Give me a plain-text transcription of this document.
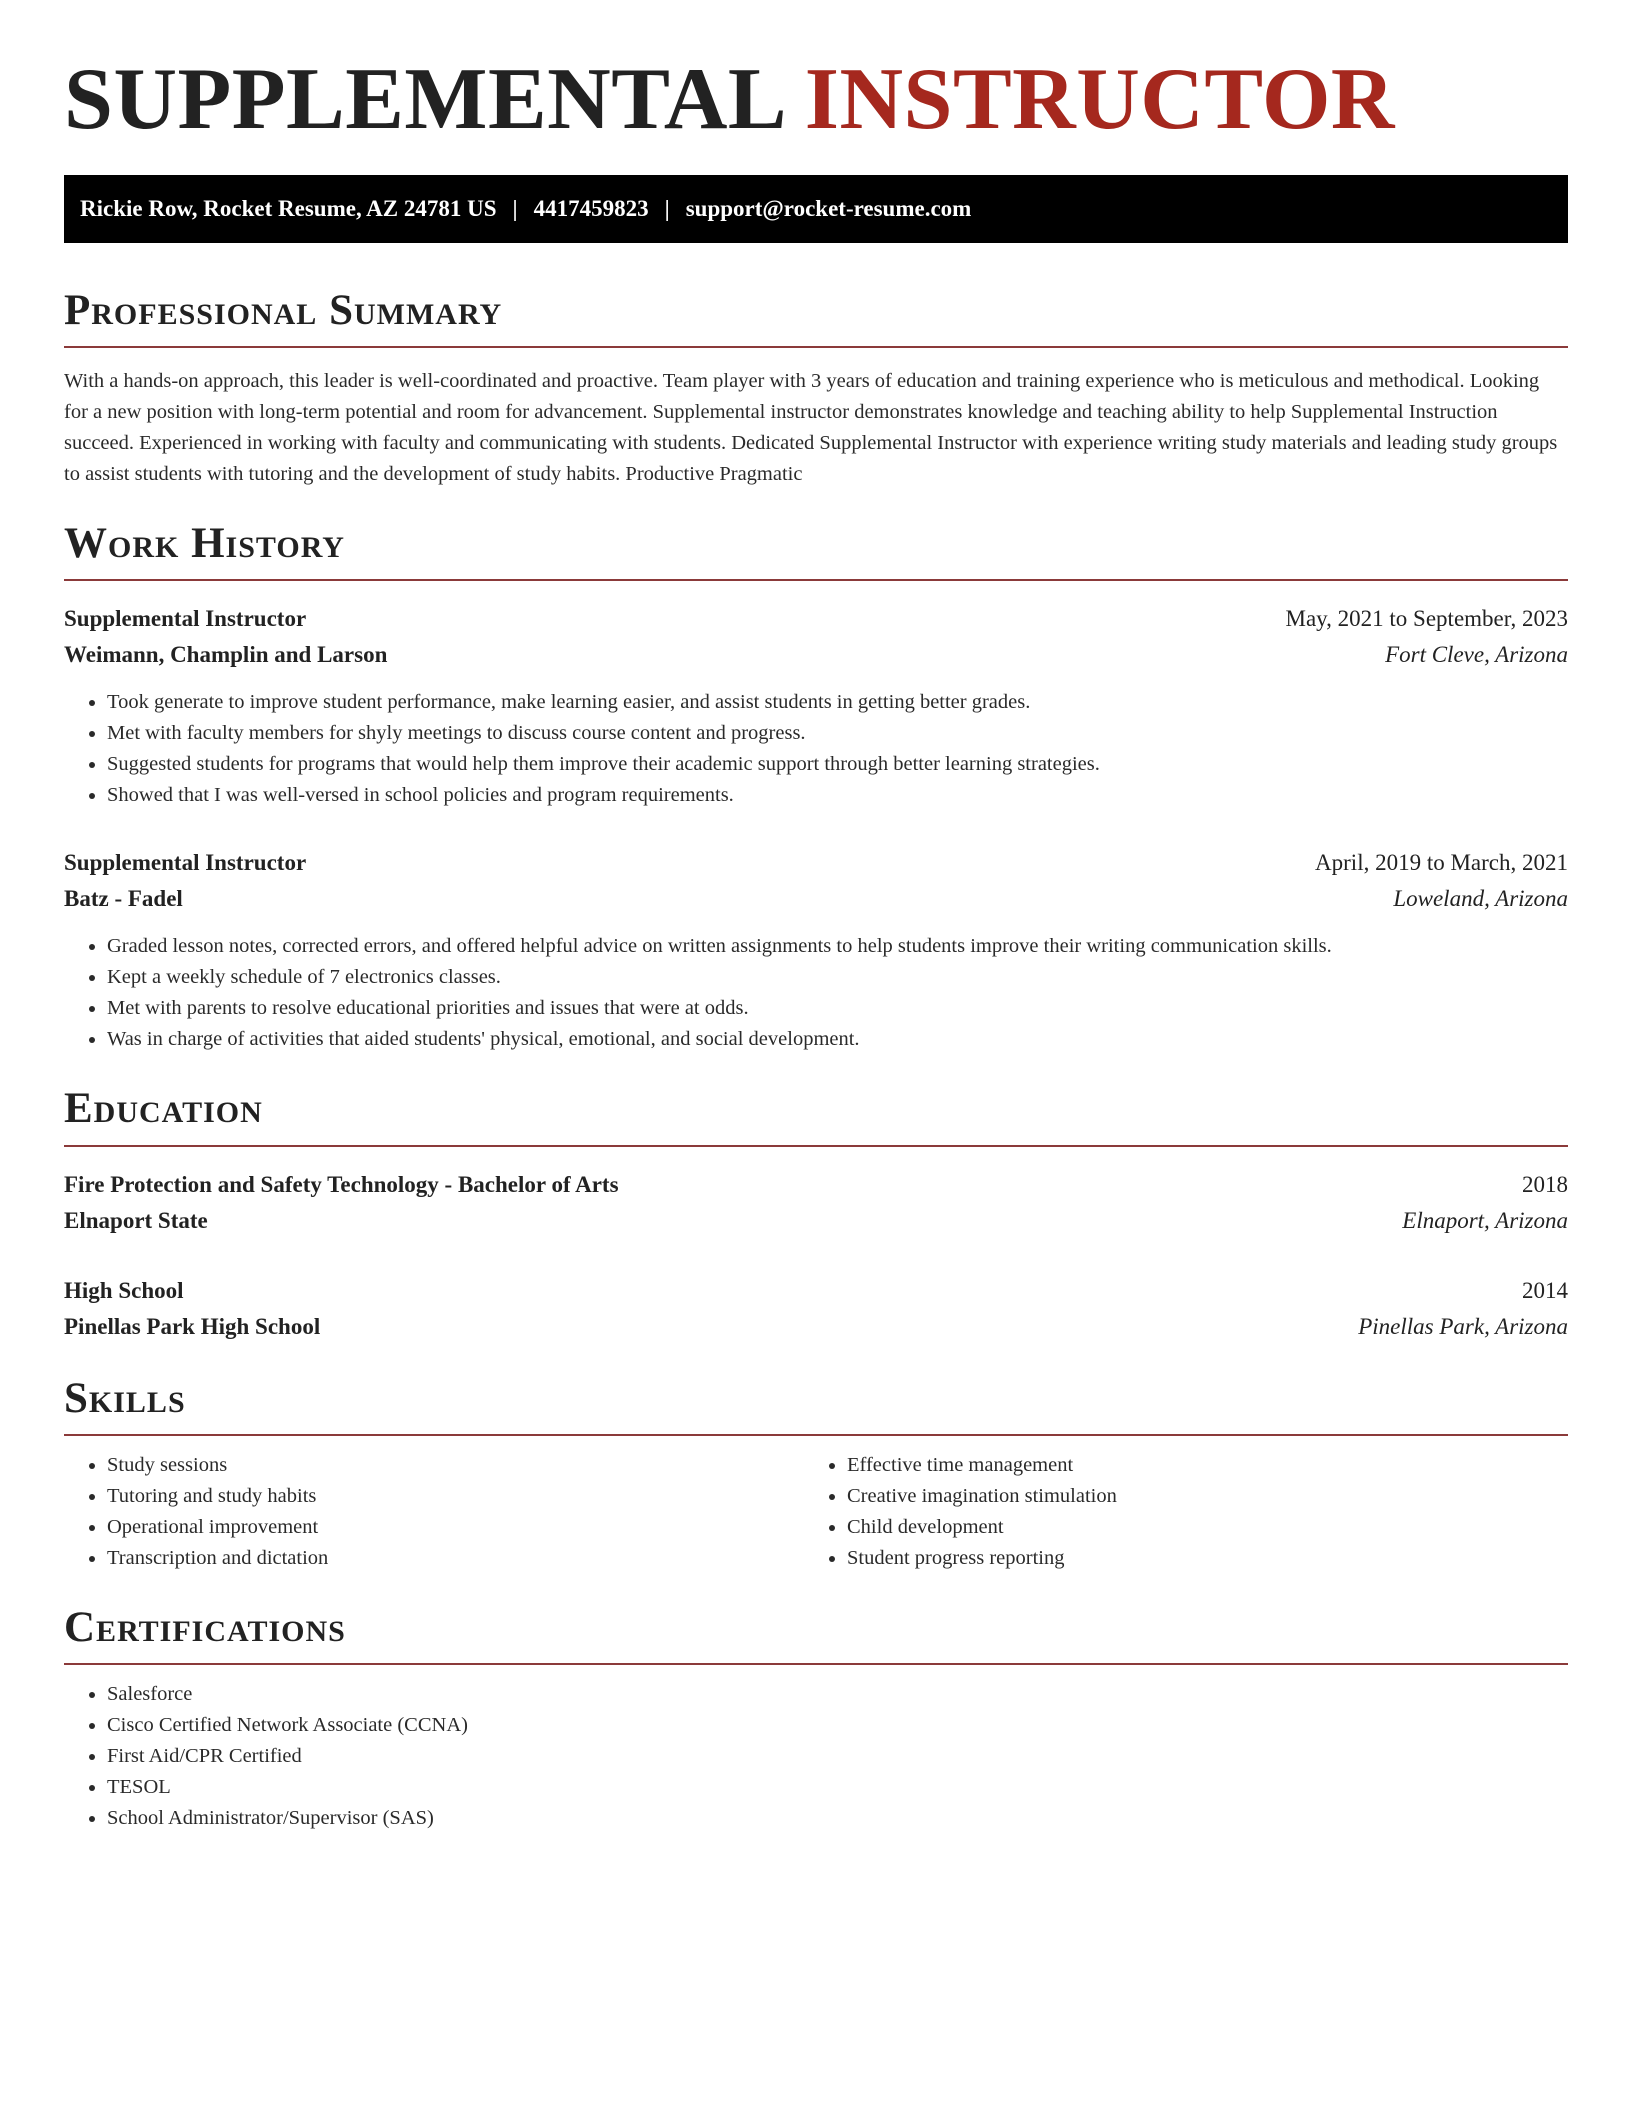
SUPPLEMENTAL INSTRUCTOR
Rickie Row, Rocket Resume, AZ 24781 US | 4417459823 | support@rocket-resume.com
Professional Summary

With a hands-on approach, this leader is well-coordinated and proactive. Team player with 3 years of education and training experience who is meticulous and methodical. Looking for a new position with long-term potential and room for advancement. Supplemental instructor demonstrates knowledge and teaching ability to help Supplemental Instruction succeed. Experienced in working with faculty and communicating with students. Dedicated Supplemental Instructor with experience writing study materials and leading study groups to assist students with tutoring and the development of study habits. Productive Pragmatic

Work History
Supplemental Instructor	May, 2021 to September, 2023
Weimann, Champlin and Larson	Fort Cleve, Arizona
• Took generate to improve student performance, make learning easier, and assist students in getting better grades.
• Met with faculty members for shyly meetings to discuss course content and progress.
• Suggested students for programs that would help them improve their academic support through better learning strategies.
• Showed that I was well-versed in school policies and program requirements.
Supplemental Instructor	April, 2019 to March, 2021
Batz - Fadel	Loweland, Arizona
• Graded lesson notes, corrected errors, and offered helpful advice on written assignments to help students improve their writing communication skills.
• Kept a weekly schedule of 7 electronics classes.
• Met with parents to resolve educational priorities and issues that were at odds.
• Was in charge of activities that aided students' physical, emotional, and social development.
Education
Fire Protection and Safety Technology - Bachelor of Arts	2018
Elnaport State	Elnaport, Arizona
High School	2014
Pinellas Park High School	Pinellas Park, Arizona
Skills
• Study sessions
• Tutoring and study habits
• Operational improvement
• Transcription and dictation
• Effective time management
• Creative imagination stimulation
• Child development
• Student progress reporting
Certifications
• Salesforce
• Cisco Certified Network Associate (CCNA)
• First Aid/CPR Certified
• TESOL
• School Administrator/Supervisor (SAS)
